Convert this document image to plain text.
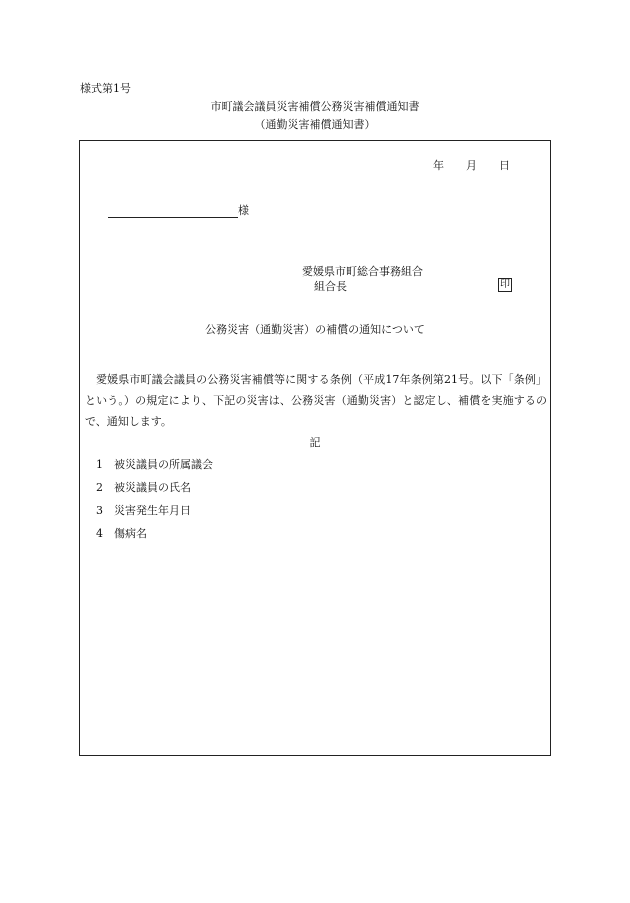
様式第1号
市町議会議員災害補償公務災害補償通知書
（通勤災害補償通知書）
年 月 日
様
愛媛県市町総合事務組合
組合長	印
公務災害（通勤災害）の補償の通知について
愛媛県市町議会議員の公務災害補償等に関する条例（平成17年条例第21号。以下「条例」という。）の規定により、下記の災害は、公務災害（通勤災害）と認定し、補償を実施するので、通知します。
記
1 被災議員の所属議会
2 被災議員の氏名
3 災害発生年月日
4 傷病名
